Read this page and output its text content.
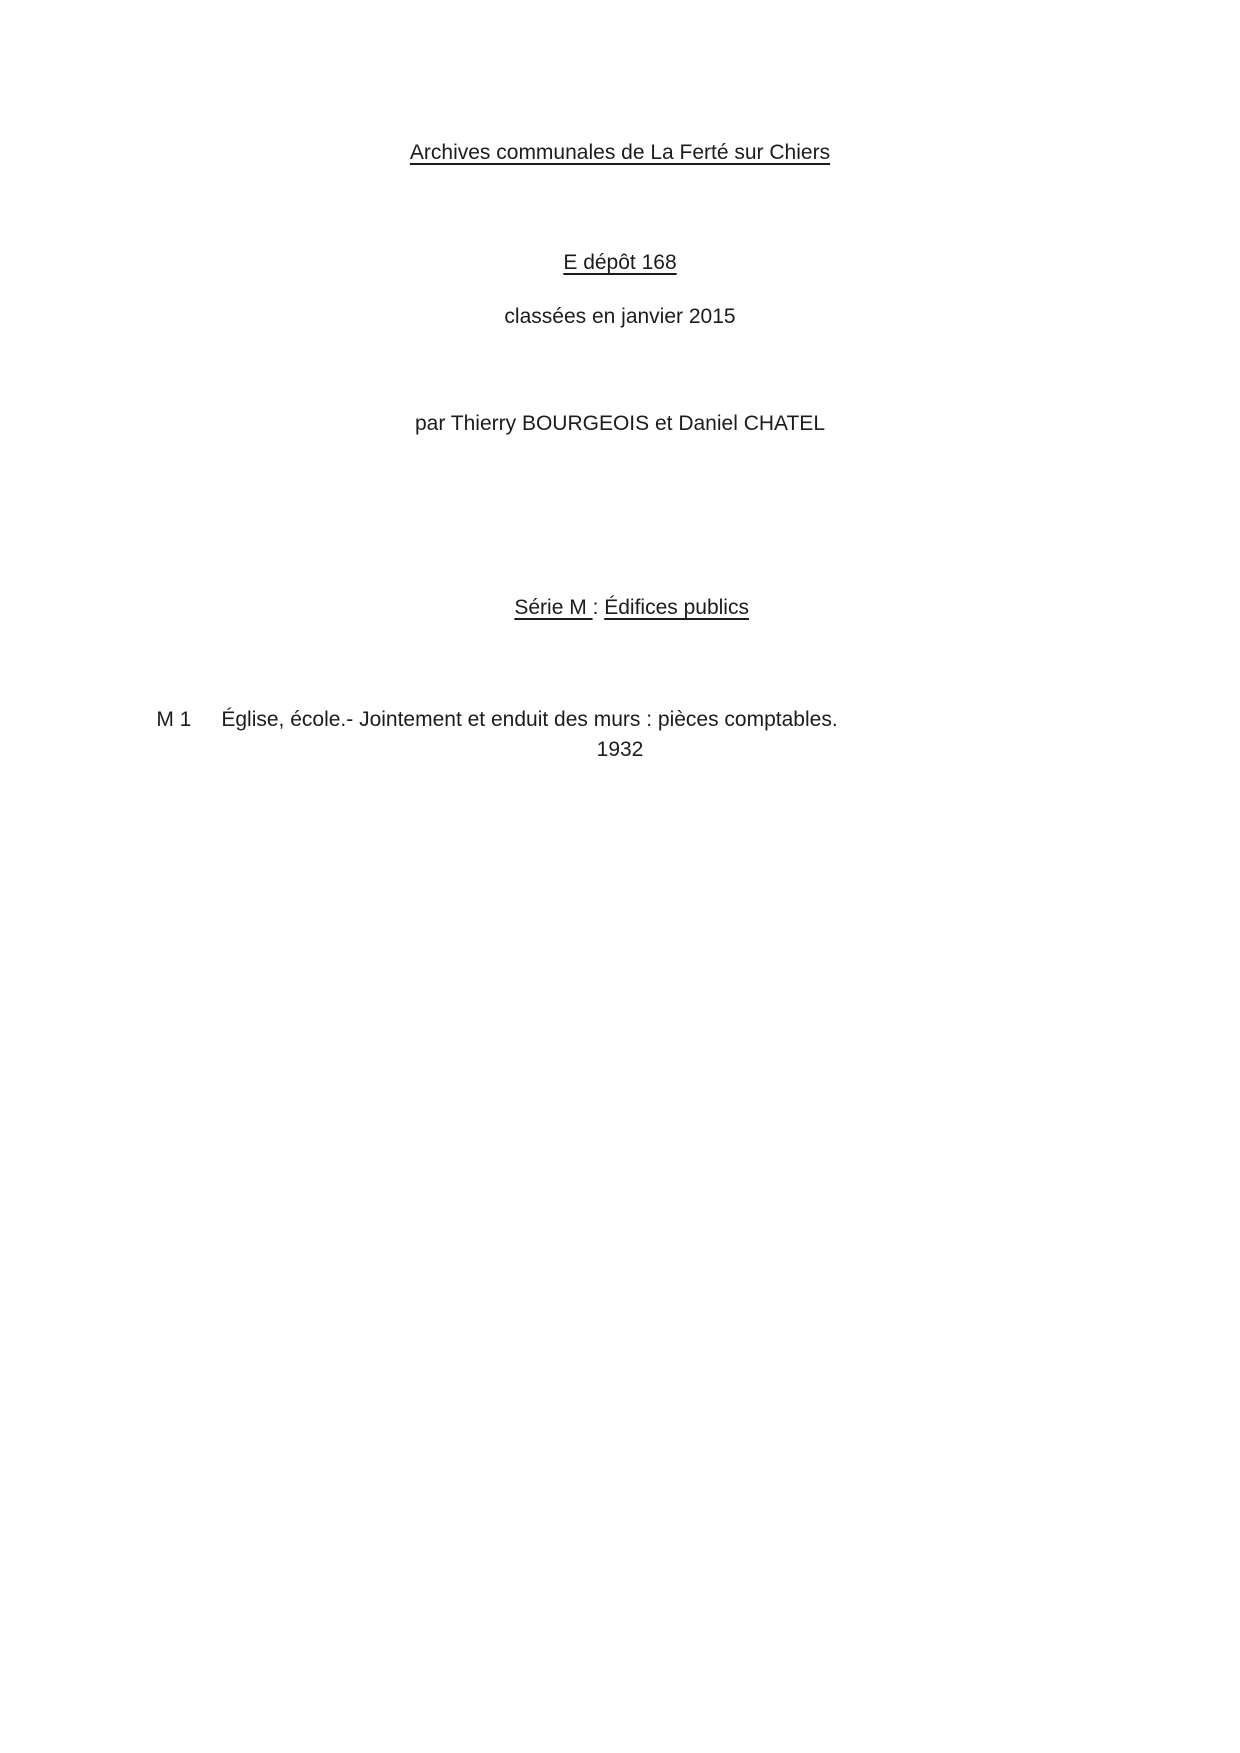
Archives communales de La Ferté sur Chiers
E dépôt 168
classées en janvier 2015
par Thierry BOURGEOIS et Daniel CHATEL

Série M : Édifices publics

M 1 Église, école.- Jointement et enduit des murs : pièces comptables.

1932
